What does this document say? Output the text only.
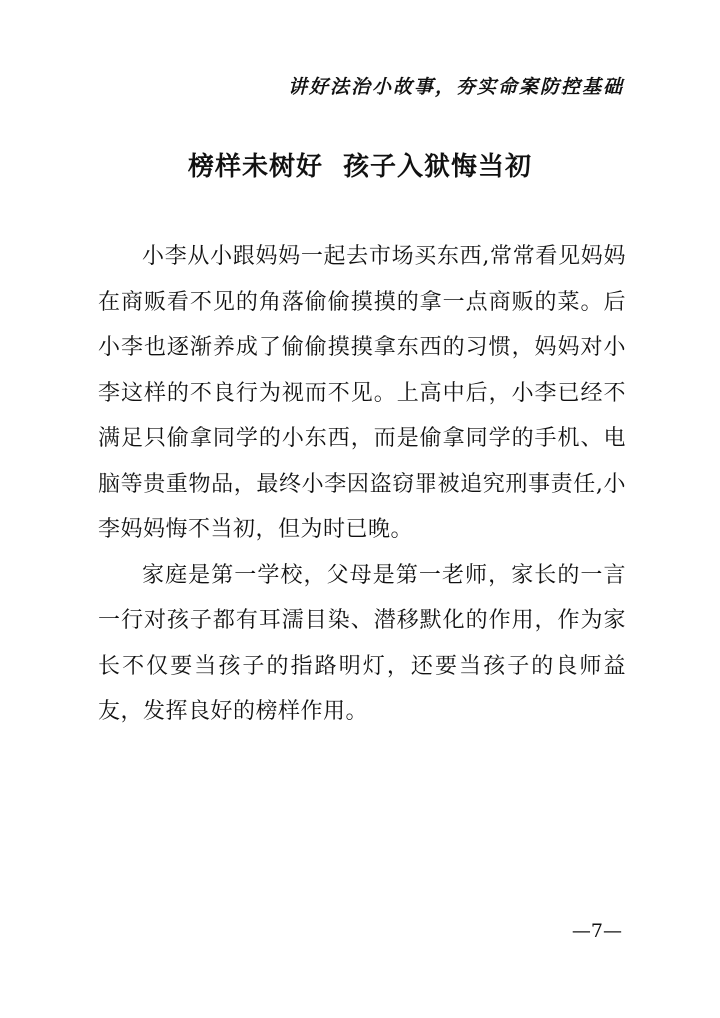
讲好法治小故事，夯实命案防控基础
榜样未树好  孩子入狱悔当初

小李从小跟妈妈一起去市场买东西,常常看见妈妈在商贩看不见的角落偷偷摸摸的拿一点商贩的菜。后小李也逐渐养成了偷偷摸摸拿东西的习惯，妈妈对小李这样的不良行为视而不见。上高中后，小李已经不满足只偷拿同学的小东西，而是偷拿同学的手机、电脑等贵重物品，最终小李因盗窃罪被追究刑事责任,小李妈妈悔不当初，但为时已晚。

家庭是第一学校，父母是第一老师，家长的一言一行对孩子都有耳濡目染、潜移默化的作用，作为家长不仅要当孩子的指路明灯，还要当孩子的良师益友，发挥良好的榜样作用。

—7—
